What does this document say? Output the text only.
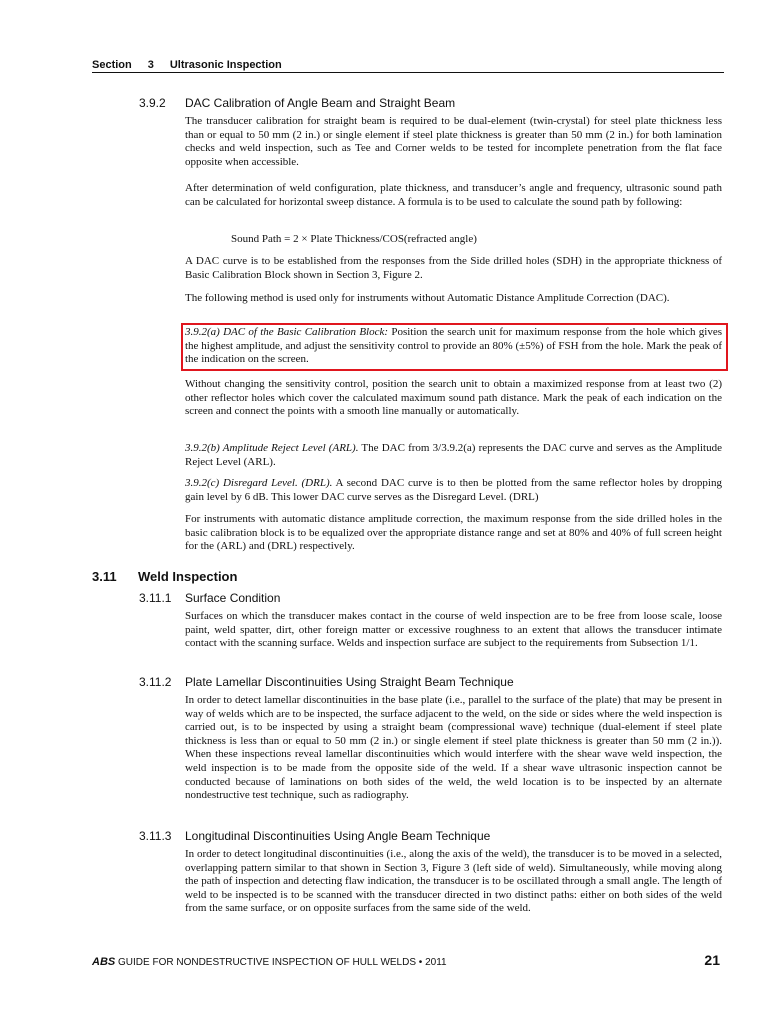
Section 3 Ultrasonic Inspection
3.9.2 DAC Calibration of Angle Beam and Straight Beam

The transducer calibration for straight beam is required to be dual-element (twin-crystal) for steel plate thickness less than or equal to 50 mm (2 in.) or single element if steel plate thickness is greater than 50 mm (2 in.) for both lamination checks and weld inspection, such as Tee and Corner welds to be tested for incomplete penetration from the flat face opposite when accessible.

After determination of weld configuration, plate thickness, and transducer’s angle and frequency, ultrasonic sound path can be calculated for horizontal sweep distance. A formula is to be used to calculate the sound path by following:

Sound Path = 2 × Plate Thickness/COS(refracted angle)

A DAC curve is to be established from the responses from the Side drilled holes (SDH) in the appropriate thickness of Basic Calibration Block shown in Section 3, Figure 2.

The following method is used only for instruments without Automatic Distance Amplitude Correction (DAC).

3.9.2(a) DAC of the Basic Calibration Block: Position the search unit for maximum response from the hole which gives the highest amplitude, and adjust the sensitivity control to provide an 80% (±5%) of FSH from the hole. Mark the peak of the indication on the screen.

Without changing the sensitivity control, position the search unit to obtain a maximized response from at least two (2) other reflector holes which cover the calculated maximum sound path distance. Mark the peak of each indication on the screen and connect the points with a smooth line manually or automatically.

3.9.2(b) Amplitude Reject Level (ARL). The DAC from 3/3.9.2(a) represents the DAC curve and serves as the Amplitude Reject Level (ARL).

3.9.2(c) Disregard Level. (DRL). A second DAC curve is to then be plotted from the same reflector holes by dropping gain level by 6 dB. This lower DAC curve serves as the Disregard Level. (DRL)

For instruments with automatic distance amplitude correction, the maximum response from the side drilled holes in the basic calibration block is to be equalized over the appropriate distance range and set at 80% and 40% of full screen height for the (ARL) and (DRL) respectively.

3.11 Weld Inspection
3.11.1 Surface Condition

Surfaces on which the transducer makes contact in the course of weld inspection are to be free from loose scale, loose paint, weld spatter, dirt, other foreign matter or excessive roughness to an extent that allows the transducer intimate contact with the scanning surface. Welds and inspection surface are subject to the requirements from Subsection 1/1.

3.11.2 Plate Lamellar Discontinuities Using Straight Beam Technique

In order to detect lamellar discontinuities in the base plate (i.e., parallel to the surface of the plate) that may be present in way of welds which are to be inspected, the surface adjacent to the weld, on the side or sides where the weld inspection is carried out, is to be inspected by using a straight beam (compressional wave) technique (dual-element if steel plate thickness is less than or equal to 50 mm (2 in.) or single element if steel plate thickness is greater than 50 mm (2 in.)). When these inspections reveal lamellar discontinuities which would interfere with the shear wave weld inspection, the weld inspection is to be made from the opposite side of the weld. If a shear wave ultrasonic inspection cannot be conducted because of laminations on both sides of the weld, the weld location is to be inspected by an alternate nondestructive test technique, such as radiography.

3.11.3 Longitudinal Discontinuities Using Angle Beam Technique

In order to detect longitudinal discontinuities (i.e., along the axis of the weld), the transducer is to be moved in a selected, overlapping pattern similar to that shown in Section 3, Figure 3 (left side of weld). Simultaneously, while moving along the path of inspection and detecting flaw indication, the transducer is to be oscillated through a small angle. The length of weld to be inspected is to be scanned with the transducer directed in two distinct paths: either on both sides of the weld from the same surface, or on opposite surfaces from the same side of the weld.

ABS GUIDE FOR NONDESTRUCTIVE INSPECTION OF HULL WELDS • 2011	21
